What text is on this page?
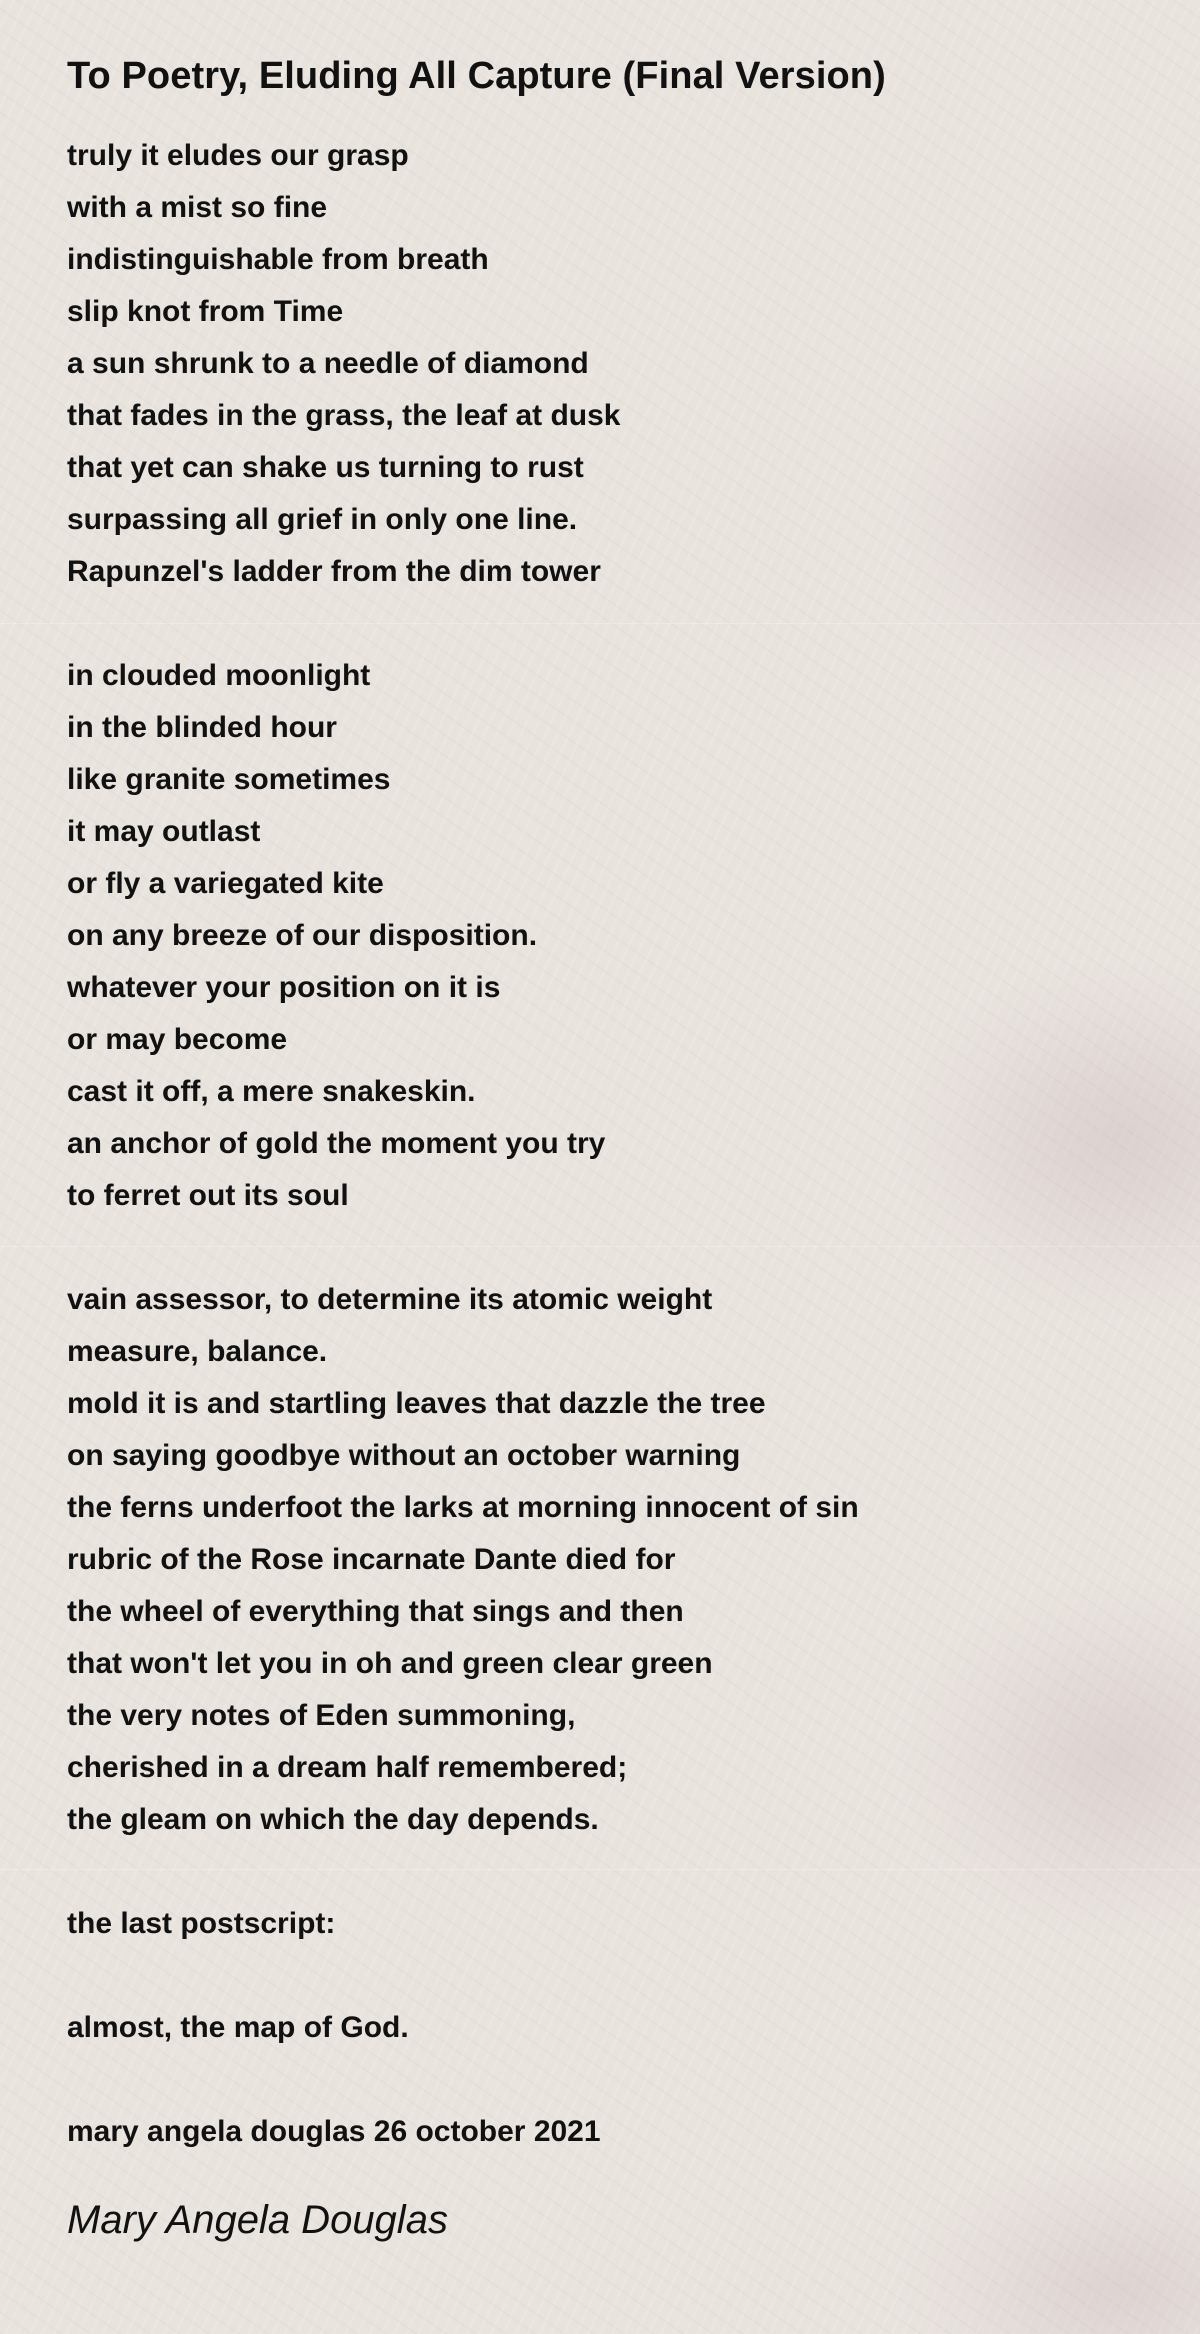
To Poetry, Eluding All Capture (Final Version)
truly it eludes our grasp
with a mist so fine
indistinguishable from breath
slip knot from Time
a sun shrunk to a needle of diamond
that fades in the grass, the leaf at dusk
that yet can shake us turning to rust
surpassing all grief in only one line.
Rapunzel's ladder from the dim tower
in clouded moonlight
in the blinded hour
like granite sometimes
it may outlast
or fly a variegated kite
on any breeze of our disposition.
whatever your position on it is
or may become
cast it off, a mere snakeskin.
an anchor of gold the moment you try
to ferret out its soul
vain assessor, to determine its atomic weight
measure, balance.
mold it is and startling leaves that dazzle the tree
on saying goodbye without an october warning
the ferns underfoot the larks at morning innocent of sin
rubric of the Rose incarnate Dante died for
the wheel of everything that sings and then
that won't let you in oh and green clear green
the very notes of Eden summoning,
cherished in a dream half remembered;
the gleam on which the day depends.
the last postscript:
almost, the map of God.
mary angela douglas 26 october 2021
Mary Angela Douglas
